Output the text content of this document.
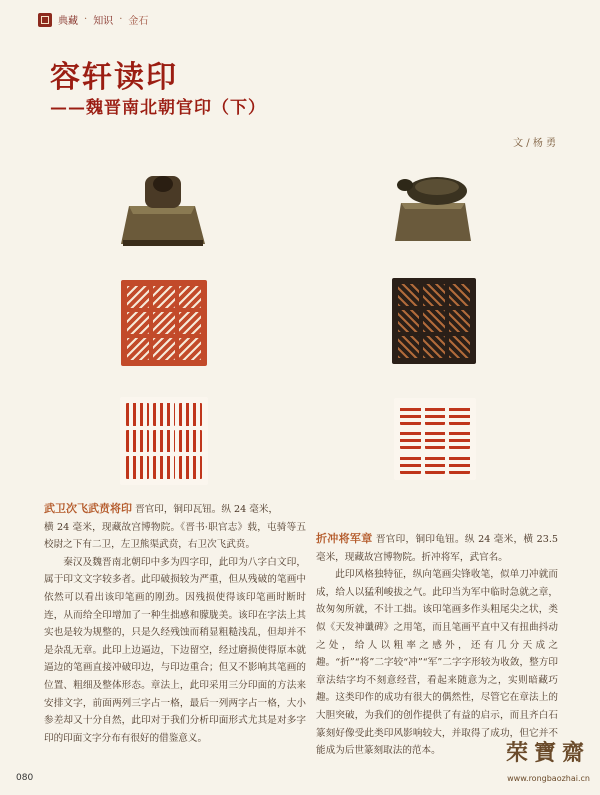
典藏 · 知识 · 金石
容轩读印
——魏晋南北朝官印（下）
文 / 杨 勇

武卫次飞武贲将印 晋官印，铜印瓦钮。纵 24 毫米，

横 24 毫米，现藏故宫博物院。《晋书·职官志》载，屯骑等五校尉之下有二卫，左卫熊渠武贲，右卫次飞武贲。

秦汉及魏晋南北朝印中多为四字印，此印为八字白文印，属于印文文字较多者。此印破损较为严重，但从残破的笔画中依然可以看出该印笔画的刚劲。因残损使得该印笔画时断时连，从而给全印增加了一种生拙感和朦胧美。该印在字法上其实也是较为规整的，只是久经残蚀而稍显粗糙浅乱，但却并不是杂乱无章。此印上边逼边，下边留空，经过磨损使得原本就逼边的笔画直接冲破印边，与印边重合；但又不影响其笔画的位置、粗细及整体形态。章法上，此印采用三分印面的方法来安排文字，前面两列三字占一格，最后一列两字占一格，大小参差却又十分自然，此印对于我们分析印面形式尤其是对多字印的印面文字分布有很好的借鉴意义。

折冲将军章 晋官印，铜印龟钮。纵 24 毫米，横 23.5 毫米，现藏故宫博物院。折冲将军，武官名。

此印风格独特征，纵向笔画尖锋收笔，似单刀冲就而成，给人以猛利峻拔之气。此印当为军中临时急就之章，故匆匆所就，不计工拙。该印笔画多作头粗尾尖之状，类似《天发神谶碑》之用笔，而且笔画平直中又有扭曲抖动之处，给人以粗率之感外，还有几分天成之趣。“折”“将”二字较“冲”“军”二字字形较为收敛，整方印章法结字均不刻意经营，看起来随意为之，实则暗藏巧趣。这类印作的成功有很大的偶然性，尽管它在章法上的大胆突破，为我们的创作提供了有益的启示，而且齐白石篆刻好像受此类印风影响较大，并取得了成功，但它并不能成为后世篆刻取法的范本。

080
荣寶齋
www.rongbaozhai.cn
